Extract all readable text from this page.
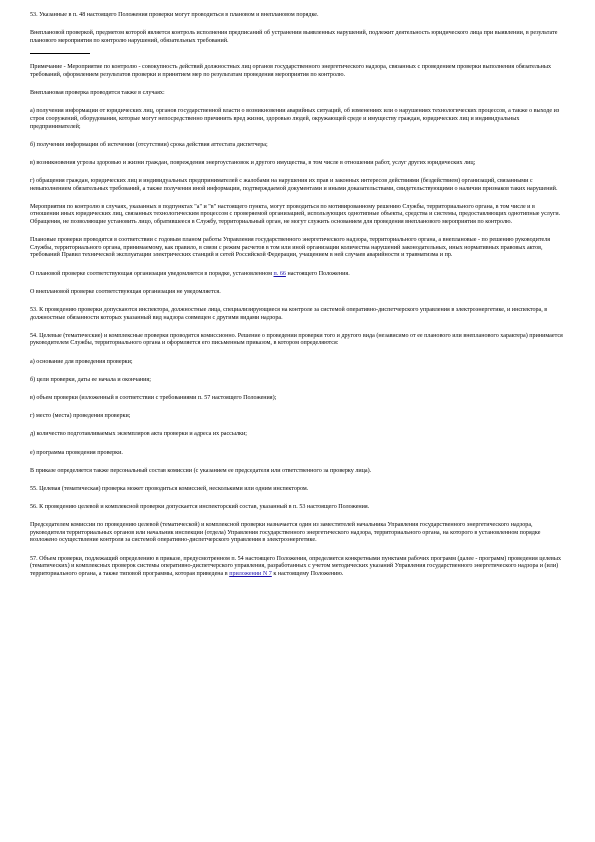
53. Указанные в п. 48 настоящего Положения проверки могут проводиться в плановом и внеплановом порядке.

Внеплановой проверкой, предметом которой является контроль исполнения предписаний об устранении выявленных нарушений, подлежит деятельность юридического лица при выявлении, в результате планового мероприятия по контролю нарушений, обязательных требований.

Примечание - Мероприятие по контролю - совокупность действий должностных лиц органов государственного энергетического надзора, связанных с проведением проверки выполнения обязательных требований, оформлением результатов проверки и принятием мер по результатам проведения мероприятия по контролю.

Внеплановая проверка проводится также в случаях:

а) получения информации от юридических лиц, органов государственной власти о возникновении аварийных ситуаций, об изменениях или о нарушениях технологических процессов, а также о выходе из строя сооружений, оборудования, которые могут непосредственно причинить вред жизни, здоровью людей, окружающей среде и имуществу граждан, юридических лиц и индивидуальных предпринимателей;

б) получения информации об истечении (отсутствии) срока действия аттестата диспетчера;

в) возникновения угрозы здоровью и жизни граждан, повреждения энергоустановок и другого имущества, в том числе в отношении работ, услуг других юридических лиц;

г) обращения граждан, юридических лиц и индивидуальных предпринимателей с жалобами на нарушения их прав и законных интересов действиями (бездействием) организаций, связанными с невыполнением обязательных требований, а также получения иной информации, подтверждаемой документами и иными доказательствами, свидетельствующими о наличии признаков таких нарушений.

Мероприятия по контролю в случаях, указанных в подпунктах "а" и "в" настоящего пункта, могут проводиться по мотивированному решению Службы, территориального органа, в том числе и в отношении иных юридических лиц, связанных технологическим процессом с проверяемой организацией, использующих однотипные объекты, средства и системы, предоставляющих однотипные услуги. Обращения, не позволяющие установить лицо, обратившееся в Службу, территориальный орган, не могут служить основанием для проведения внепланового мероприятия по контролю.

Плановые проверки проводятся в соответствии с годовым планом работы Управления государственного энергетического надзора, территориального органа, а внеплановые - по решению руководителя Службы, территориального органа, принимаемому, как правило, в связи с режим расчетов в том или иной организации количества нарушений законодательных, иных нормативных правовых актов, требований Правил технической эксплуатации электрических станций и сетей Российской Федерации, учащением в ней случаев аварийности и травматизма и пр.

О плановой проверке соответствующая организация уведомляется в порядке, установленном п. 66 настоящего Положения.

О внеплановой проверке соответствующая организация не уведомляется.

53. К проведению проверки допускаются инспектора, должностные лица, специализирующиеся на контроле за системой оперативно-диспетчерского управления в электроэнергетике, и инспектора, в должностные обязанности которых указанный вид надзора совмещен с другими видами надзора.

54. Целевые (тематические) и комплексные проверки проводятся комиссионно. Решение о проведении проверки того и другого вида (независимо от ее планового или внепланового характера) принимается руководителем Службы, территориального органа и оформляется его письменным приказом, в котором определяются:

а) основание для проведения проверки;

б) цели проверки, даты ее начала и окончания;

в) объем проверки (изложенный в соответствии с требованиями п. 57 настоящего Положения);

г) место (места) проведения проверки;

д) количество подготавливаемых экземпляров акта проверки и адреса их рассылки;

е) программа проведения проверки.

В приказе определяется также персональный состав комиссии (с указанием ее председателя или ответственного за проверку лица).

55. Целевая (тематическая) проверка может проводиться комиссией, несколькими или одним инспектором.

56. К проведению целевой и комплексной проверки допускается инспекторский состав, указанный в п. 53 настоящего Положения.

Председателем комиссии по проведению целевой (тематической) и комплексной проверки назначается один из заместителей начальника Управления государственного энергетического надзора, руководителя территориальных органов или начальник инспекции (отдела) Управления государственного энергетического надзора, территориального органа, на которого в установленном порядке возложено осуществление контроля за системой оперативно-диспетчерского управления в электроэнергетике.

57. Объем проверки, подлежащий определению в приказе, предусмотренном п. 54 настоящего Положения, определяется конкретными пунктами рабочих программ (далее - программ) проведения целевых (тематических) и комплексных проверок системы оперативно-диспетчерского управления, разработанных с учетом методических указаний Управления государственного энергетического надзора и (или) территориального органа, а также типовой программы, которая приведена в приложении N 7 к настоящему Положению.
